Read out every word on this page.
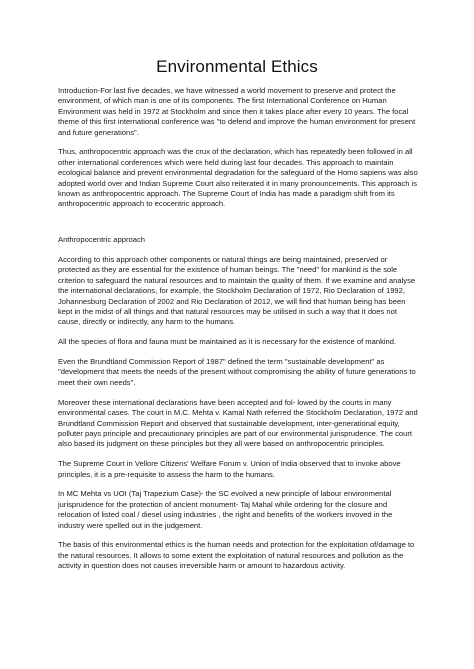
Environmental Ethics

Introduction-For last five decades, we have witnessed a world movement to preserve and protect the environment, of which man is one of its components. The first International Conference on Human Environment was held in 1972 at Stockholm and since then it takes place after every 10 years. The focal theme of this first international conference was "to defend and improve the human environment for present and future generations".

Thus, anthropocentric approach was the crux of the declaration, which has repeatedly been followed in all other international conferences which were held during last four decades. This approach to maintain ecological balance and prevent environmental degradation for the safeguard of the Homo sapiens was also adopted world over and Indian Supreme Court also reiterated it in many pronouncements. This approach is known as anthropocentric approach. The Supreme Court of India has made a paradigm shift from its anthropocentric approach to ecocentric approach.

Anthropocentric approach

According to this approach other components or natural things are being maintained, preserved or protected as they are essential for the existence of human beings. The "need" for mankind is the sole criterion to safeguard the natural resources and to maintain the quality of them. If we examine and analyse the international declarations, for example, the Stockholm Declaration of 1972, Rio Declaration of 1992, Johannesburg Declaration of 2002 and Rio Declaration of 2012, we will find that human being has been kept in the midst of all things and that natural resources may be utilised in such a way that it does not cause, directly or indirectly, any harm to the humans.

All the species of flora and fauna must be maintained as it is necessary for the existence of mankind.

Even the Brundtland Commission Report of 1987" defined the term "sustainable development" as "development that meets the needs of the present without compromising the ability of future generations to meet their own needs".

Moreover these international declarations have been accepted and fol- lowed by the courts in many environmental cases. The court in M.C. Mehta v. Kamal Nath referred the Stockholm Declaration, 1972 and Brundtland Commission Report and observed that sustainable development, inter-generational equity, polluter pays principle and precautionary principles are part of our environmental jurisprudence. The court also based its judgment on these principles but they all were based on anthropocentric principles.

The Supreme Court in Vellore Citizens' Welfare Forum v. Union of India observed that to invoke above principles, it is a pre-requisite to assess the harm to the humans.

In MC Mehta vs UOI (Taj Trapezium Case)- the SC evolved a new principle of labour environmental jurisprudence for the protection of ancient monument- Taj Mahal while ordering for the closure and relocation of listed coal / diesel using industries , the right and benefits of the workers invoved in the industry were spelled out in the judgement.

The basis of this environmental ethics is the human needs and protection for the exploitation of/damage to the natural resources. It allows to some extent the exploitation of natural resources and pollution as the activity in question does not causes irreversible harm or amount to hazardous activity.
